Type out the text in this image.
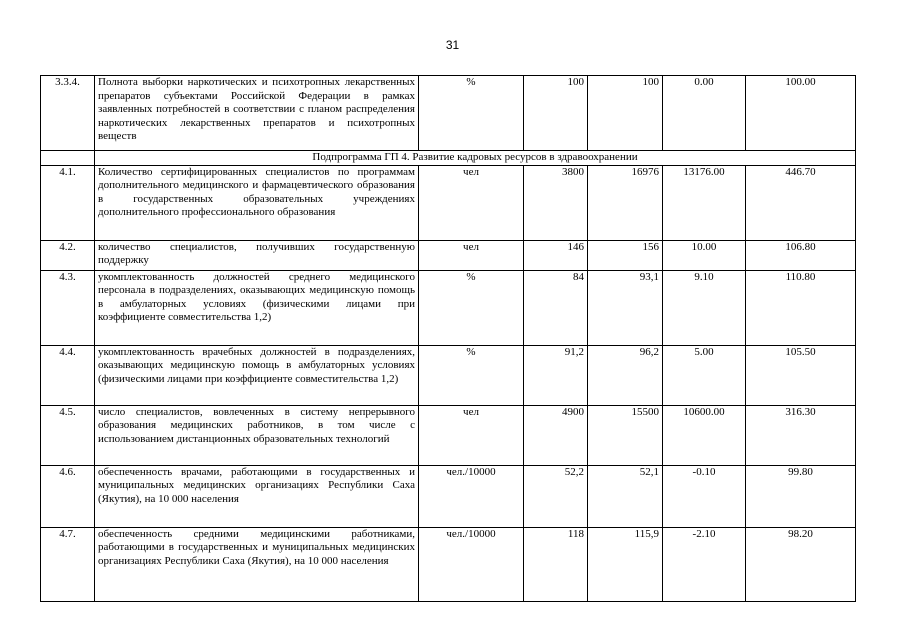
31
3.3.4.	Полнота выборки наркотических и психотропных лекарственных препаратов субъектами Российской Федерации в рамках заявленных потребностей в соответствии с планом распределения наркотических лекарственных препаратов и психотропных веществ	%	100	100	0.00	100.00
	Подпрограмма ГП 4. Развитие кадровых ресурсов в здравоохранении					
4.1.	Количество сертифицированных специалистов по программам дополнительного медицинского и фармацевтического образования в государственных образовательных учреждениях дополнительного профессионального образования	чел	3800	16976	13176.00	446.70
4.2.	количество специалистов, получивших государственную поддержку	чел	146	156	10.00	106.80
4.3.	укомплектованность должностей среднего медицинского персонала в подразделениях, оказывающих медицинскую помощь в амбулаторных условиях (физическими лицами при коэффициенте совместительства 1,2)	%	84	93,1	9.10	110.80
4.4.	укомплектованность врачебных должностей в подразделениях, оказывающих медицинскую помощь в амбулаторных условиях (физическими лицами при коэффициенте совместительства 1,2)	%	91,2	96,2	5.00	105.50
4.5.	число специалистов, вовлеченных в систему непрерывного образования медицинских работников, в том числе с использованием дистанционных образовательных технологий	чел	4900	15500	10600.00	316.30
4.6.	обеспеченность врачами, работающими в государственных и муниципальных медицинских организациях Республики Саха (Якутия), на 10 000 населения	чел./10000	52,2	52,1	-0.10	99.80
4.7.	обеспеченность средними медицинскими работниками, работающими в государственных и муниципальных медицинских организациях Республики Саха (Якутия), на 10 000 населения	чел./10000	118	115,9	-2.10	98.20
